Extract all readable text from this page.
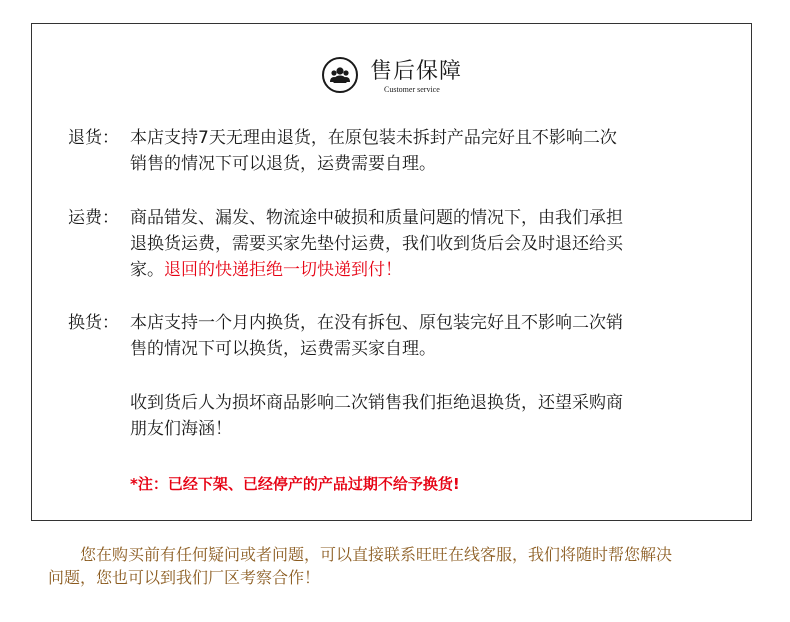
售后保障
Customer service
退货： 本店支持7天无理由退货，在原包装未拆封产品完好且不影响二次
销售的情况下可以退货，运费需要自理。
运费： 商品错发、漏发、物流途中破损和质量问题的情况下，由我们承担
退换货运费，需要买家先垫付运费，我们收到货后会及时退还给买
家。退回的快递拒绝一切快递到付！
换货： 本店支持一个月内换货，在没有拆包、原包装完好且不影响二次销
售的情况下可以换货，运费需买家自理。
收到货后人为损坏商品影响二次销售我们拒绝退换货，还望采购商
朋友们海涵！
*注：已经下架、已经停产的产品过期不给予换货!
您在购买前有任何疑问或者问题，可以直接联系旺旺在线客服，我们将随时帮您解决
问题，您也可以到我们厂区考察合作！
